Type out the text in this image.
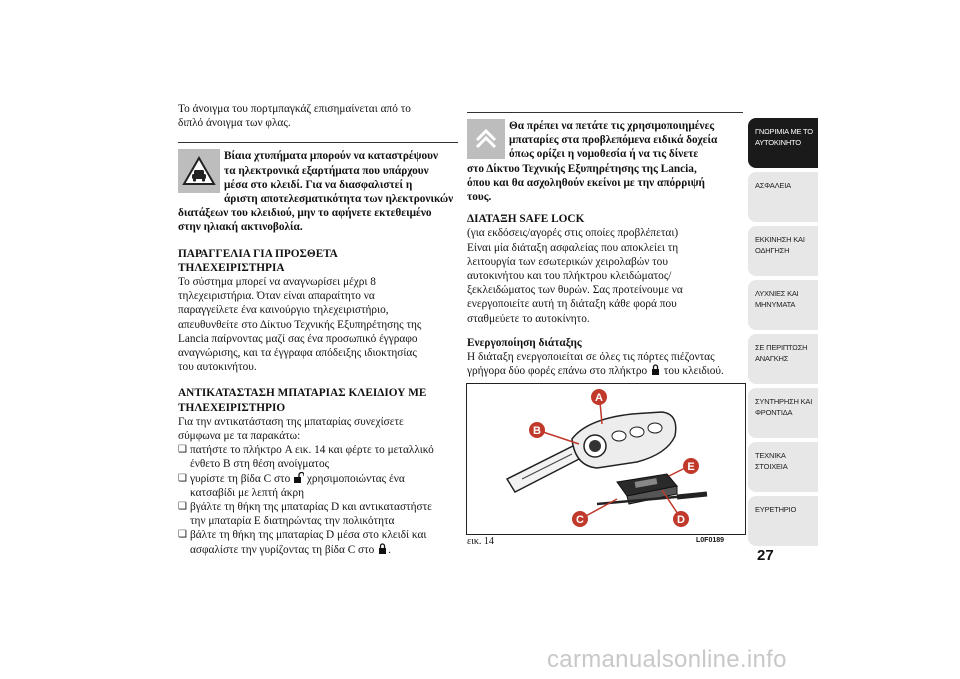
Το άνοιγμα του πορτμπαγκάζ επισημαίνεται από το
διπλό άνοιγμα των φλας.

Βίαια χτυπήματα μπορούν να καταστρέψουν
τα ηλεκτρονικά εξαρτήματα που υπάρχουν
μέσα στο κλειδί. Για να διασφαλιστεί η
άριστη αποτελεσματικότητα των ηλεκτρονικών
διατάξεων του κλειδιού, μην το αφήνετε εκτεθειμένο
στην ηλιακή ακτινοβολία.

ΠΑΡΑΓΓΕΛΙΑ ΓΙΑ ΠΡΟΣΘΕΤΑ
ΤΗΛΕΧΕΙΡΙΣΤΗΡΙΑ

Το σύστημα μπορεί να αναγνωρίσει μέχρι 8
τηλεχειριστήρια. Όταν είναι απαραίτητο να
παραγγείλετε ένα καινούργιο τηλεχειριστήριο,
απευθυνθείτε στο Δίκτυο Τεχνικής Εξυπηρέτησης της
Lancia παίρνοντας μαζί σας ένα προσωπικό έγγραφο
αναγνώρισης, και τα έγγραφα απόδειξης ιδιοκτησίας
του αυτοκινήτου.

ΑΝΤΙΚΑΤΑΣΤΑΣΗ ΜΠΑΤΑΡΙΑΣ ΚΛΕΙΔΙΟΥ ΜΕ
ΤΗΛΕΧΕΙΡΙΣΤΗΡΙΟ

Για την αντικατάσταση της μπαταρίας συνεχίσετε
σύμφωνα με τα παρακάτω:

❑ πατήστε το πλήκτρο A εικ. 14 και φέρτε το μεταλλικό
ένθετο B στη θέση ανοίγματος
❑ γυρίστε τη βίδα C στο χρησιμοποιώντας ένα
κατσαβίδι με λεπτή άκρη
❑ βγάλτε τη θήκη της μπαταρίας D και αντικαταστήστε
την μπαταρία E διατηρώντας την πολικότητα
❑ βάλτε τη θήκη της μπαταρίας D μέσα στο κλειδί και
ασφαλίστε την γυρίζοντας τη βίδα C στο .

Θα πρέπει να πετάτε τις χρησιμοποιημένες
μπαταρίες στα προβλεπόμενα ειδικά δοχεία
όπως ορίζει η νομοθεσία ή να τις δίνετε
στο Δίκτυο Τεχνικής Εξυπηρέτησης της Lancia,
όπου και θα ασχοληθούν εκείνοι με την απόρριψή
τους.

ΔΙΑΤΑΞΗ SAFE LOCK

(για εκδόσεις/αγορές στις οποίες προβλέπεται)

Είναι μία διάταξη ασφαλείας που αποκλείει τη
λειτουργία των εσωτερικών χειρολαβών του
αυτοκινήτου και του πλήκτρου κλειδώματος/
ξεκλειδώματος των θυρών. Σας προτείνουμε να
ενεργοποιείτε αυτή τη διάταξη κάθε φορά που
σταθμεύετε το αυτοκίνητο.

Ενεργοποίηση διάταξης

Η διάταξη ενεργοποιείται σε όλες τις πόρτες πιέζοντας
γρήγορα δύο φορές επάνω στο πλήκτρο του κλειδιού.

A
B
C	D
E
εικ. 14	L0F0189
ΓΝΩΡΙΜΙΑ ΜΕ ΤΟ
ΑΥΤΟΚΙΝΗΤΟ
ΑΣΦΑΛΕΙΑ

ΕΚΚΙΝΗΣΗ ΚΑΙ
ΟΔΗΓΗΣΗ
ΛΥΧΝΙΕΣ ΚΑΙ
ΜΗΝΥΜΑΤΑ
ΣΕ ΠΕΡΙΠΤΩΣΗ
ΑΝΑΓΚΗΣ
ΣΥΝΤΗΡΗΣΗ ΚΑΙ
ΦΡΟΝΤΙΔΑ
ΤΕΧΝΙΚΑ ΣΤΟΙΧΕΙΑ

ΕΥΡΕΤΗΡΙΟ

27
carmanualsonline.info
